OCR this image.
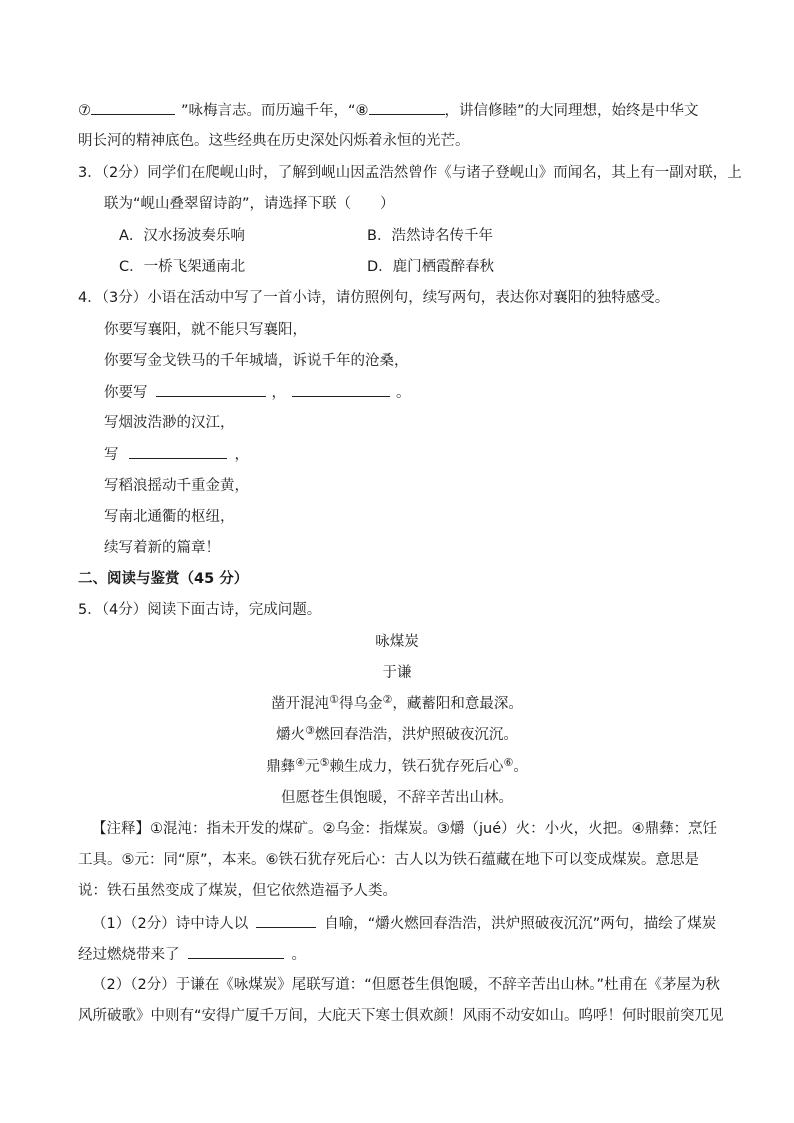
⑦	”咏梅言志。而历遍千年，“⑧	，讲信修睦”的大同理想，始终是中华文
明长河的精神底色。这些经典在历史深处闪烁着永恒的光芒。
3．（2分）同学们在爬岘山时，了解到岘山因孟浩然曾作《与诸子登岘山》而闻名，其上有一副对联，上
联为“岘山叠翠留诗韵”，请选择下联（　　）
A．汉水扬波奏乐响	B．浩然诗名传千年
C．一桥飞架通南北	D．鹿门栖霞醉春秋
4．（3分）小语在活动中写了一首小诗，请仿照例句，续写两句，表达你对襄阳的独特感受。
你要写襄阳，就不能只写襄阳，
你要写金戈铁马的千年城墙，诉说千年的沧桑，
你要写	，	。
写烟波浩渺的汉江，
写	，
写稻浪摇动千重金黄，
写南北通衢的枢纽，
续写着新的篇章！
二、阅读与鉴赏（45 分）
5．（4分）阅读下面古诗，完成问题。
咏煤炭
于谦
凿开混沌①得乌金②，藏蓄阳和意最深。
爝火③燃回春浩浩，洪炉照破夜沉沉。
鼎彝④元⑤赖生成力，铁石犹存死后心⑥。
但愿苍生俱饱暖，不辞辛苦出山林。
【注释】①混沌：指未开发的煤矿。②乌金：指煤炭。③爝（jué）火：小火，火把。④鼎彝：烹饪
工具。⑤元：同“原”，本来。⑥铁石犹存死后心：古人以为铁石蕴藏在地下可以变成煤炭。意思是
说：铁石虽然变成了煤炭，但它依然造福予人类。
（1）（2分）诗中诗人以	自喻，“爝火燃回春浩浩，洪炉照破夜沉沉”两句，描绘了煤炭
经过燃烧带来了	。
（2）（2分）于谦在《咏煤炭》尾联写道：“但愿苍生俱饱暖，不辞辛苦出山林。”杜甫在《茅屋为秋
风所破歌》中则有“安得广厦千万间，大庇天下寒士俱欢颜！风雨不动安如山。呜呼！何时眼前突兀见
